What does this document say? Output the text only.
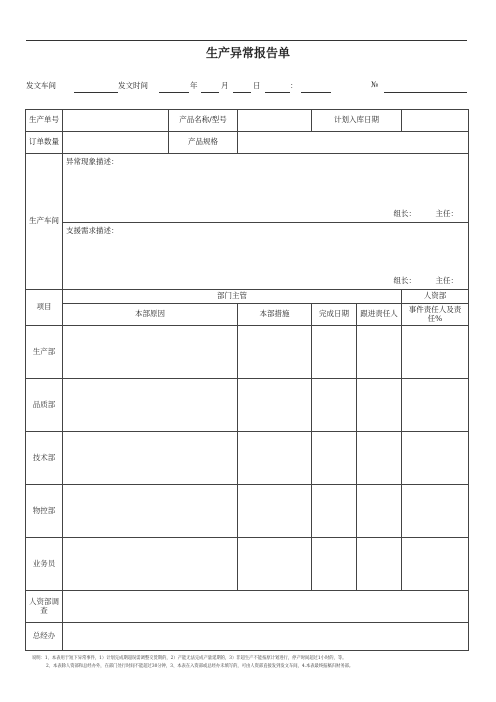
生产异常报告单
发文车间	发文时间	年	月	日	：	№
生产单号		产品名称/型号		计划入库日期		
订单数量		产品规格				
生产车间	异常现象描述：
组长： 主任：					

	支援需求描述：
组长： 主任：					

项目	部门主管					人资部
	本部原因		本部措施	完成日期	跟进责任人	事件责任人及责任%
生产部						
品质部						
技术部						
物控部						
业务员						
人资部调查						
总经办						
说明：1、本表用于短下异常事件，1）计划完成期超误需调整交货期的，2）产能无法完成产量延期的，3）非超生产不能按原计划进行，停产时间超过1小时的，等。
2、本表除人资部和总经办外，在部门处行时间不能超过30分钟，3、本表在入资部或总经办未填写的，可由人资部直接发到发文车间，4.本表最终报稿归财务部。
